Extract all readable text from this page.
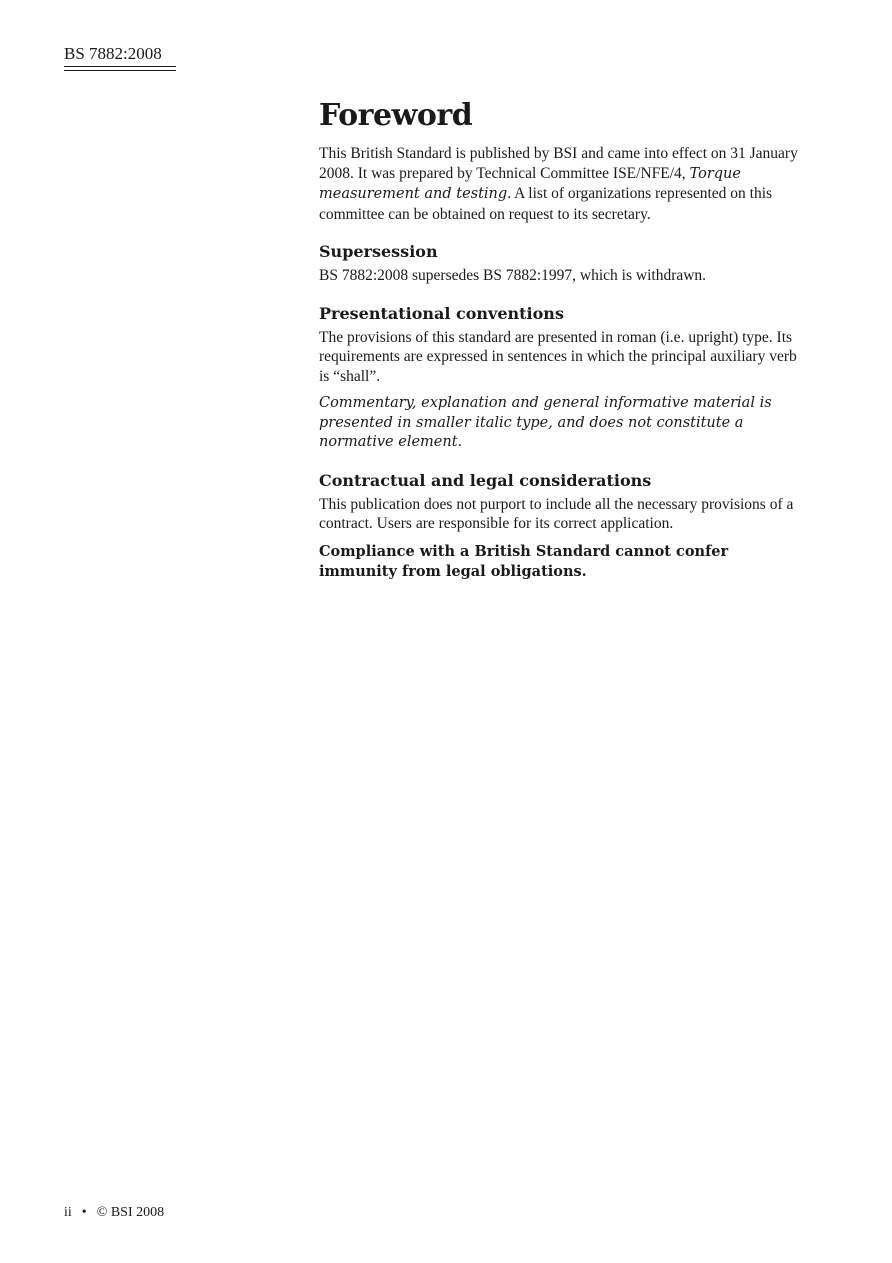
BS 7882:2008
Foreword

This British Standard is published by BSI and came into effect on 31 January 2008. It was prepared by Technical Committee ISE/NFE/4, Torque measurement and testing. A list of organizations represented on this committee can be obtained on request to its secretary.

Supersession

BS 7882:2008 supersedes BS 7882:1997, which is withdrawn.

Presentational conventions

The provisions of this standard are presented in roman (i.e. upright) type. Its requirements are expressed in sentences in which the principal auxiliary verb is “shall”.

Commentary, explanation and general informative material is presented in smaller italic type, and does not constitute a normative element.

Contractual and legal considerations

This publication does not purport to include all the necessary provisions of a contract. Users are responsible for its correct application.

Compliance with a British Standard cannot confer immunity from legal obligations.

ii • © BSI 2008
